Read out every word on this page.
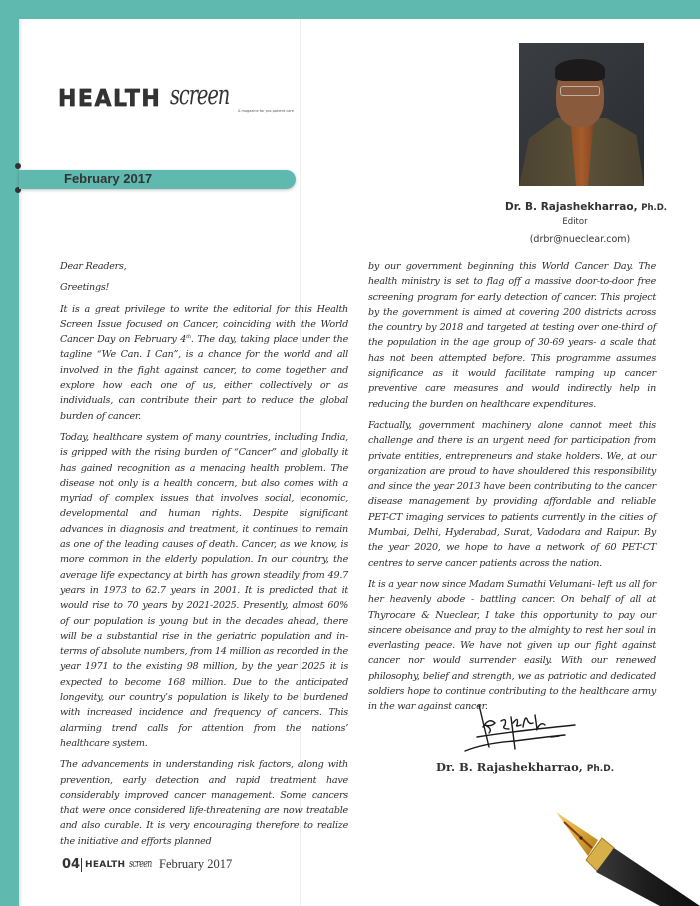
HEALTH screen	A magazine for pro-patient care
February 2017
Dr. B. Rajashekharrao, Ph.D.
Editor
(drbr@nueclear.com)

Dear Readers,

Greetings!

It is a great privilege to write the editorial for this Health Screen Issue focused on Cancer, coinciding with the World Cancer Day on February 4th. The day, taking place under the tagline “We Can. I Can”, is a chance for the world and all involved in the fight against cancer, to come together and explore how each one of us, either collectively or as individuals, can contribute their part to reduce the global burden of cancer.

Today, healthcare system of many countries, including India, is gripped with the rising burden of “Cancer” and globally it has gained recognition as a menacing health problem. The disease not only is a health concern, but also comes with a myriad of complex issues that involves social, economic, developmental and human rights. Despite significant advances in diagnosis and treatment, it continues to remain as one of the leading causes of death. Cancer, as we know, is more common in the elderly population. In our country, the average life expectancy at birth has grown steadily from 49.7 years in 1973 to 62.7 years in 2001. It is predicted that it would rise to 70 years by 2021-2025. Presently, almost 60% of our population is young but in the decades ahead, there will be a substantial rise in the geriatric population and in-terms of absolute numbers, from 14 million as recorded in the year 1971 to the existing 98 million, by the year 2025 it is expected to become 168 million. Due to the anticipated longevity, our country’s population is likely to be burdened with increased incidence and frequency of cancers. This alarming trend calls for attention from the nations’ healthcare system.

The advancements in understanding risk factors, along with prevention, early detection and rapid treatment have considerably improved cancer management. Some cancers that were once considered life-threatening are now treatable and also curable. It is very encouraging therefore to realize the initiative and efforts planned

by our government beginning this World Cancer Day. The health ministry is set to flag off a massive door-to-door free screening program for early detection of cancer. This project by the government is aimed at covering 200 districts across the country by 2018 and targeted at testing over one-third of the population in the age group of 30-69 years- a scale that has not been attempted before. This programme assumes significance as it would facilitate ramping up cancer preventive care measures and would indirectly help in reducing the burden on healthcare expenditures.

Factually, government machinery alone cannot meet this challenge and there is an urgent need for participation from private entities, entrepreneurs and stake holders. We, at our organization are proud to have shouldered this responsibility and since the year 2013 have been contributing to the cancer disease management by providing affordable and reliable PET-CT imaging services to patients currently in the cities of Mumbai, Delhi, Hyderabad, Surat, Vadodara and Raipur. By the year 2020, we hope to have a network of 60 PET-CT centres to serve cancer patients across the nation.

It is a year now since Madam Sumathi Velumani- left us all for her heavenly abode - battling cancer. On behalf of all at Thyrocare & Nueclear, I take this opportunity to pay our sincere obeisance and pray to the almighty to rest her soul in everlasting peace. We have not given up our fight against cancer nor would surrender easily. With our renewed philosophy, belief and strength, we as patriotic and dedicated soldiers hope to continue contributing to the healthcare army in the war against cancer.

Dr. B. Rajashekharrao, Ph.D.
04 HEALTH screen February 2017
